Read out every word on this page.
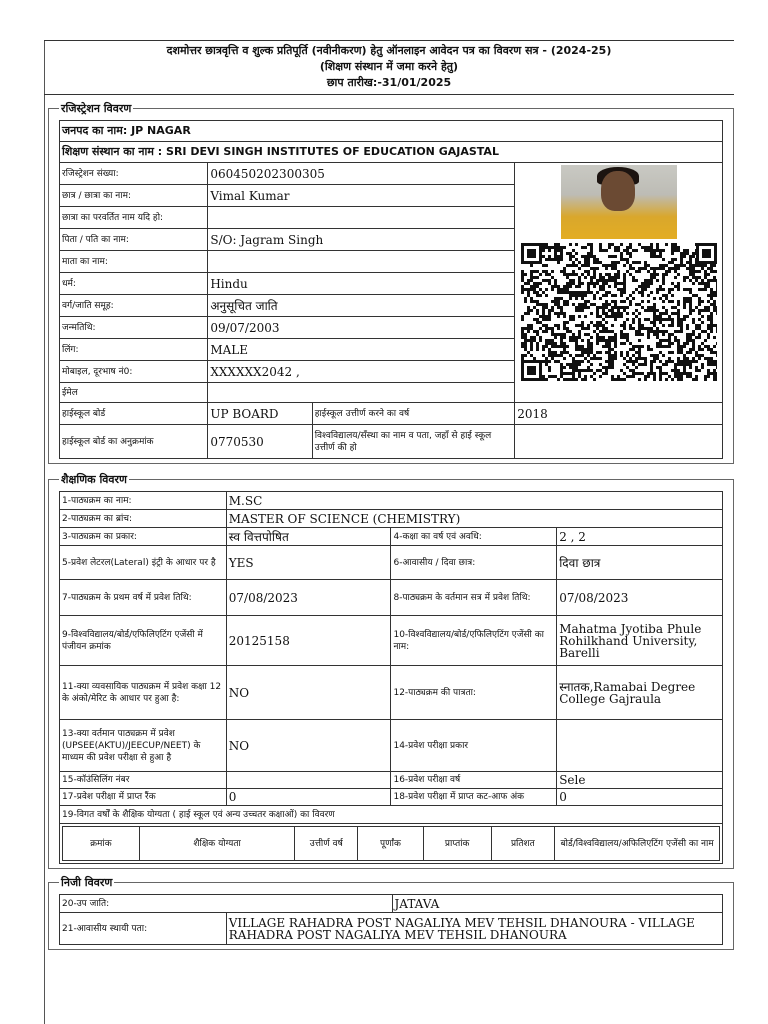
दशमोत्तर छात्रवृत्ति व शुल्क प्रतिपूर्ति (नवीनीकरण) हेतु ऑनलाइन आवेदन पत्र का विवरण सत्र - (2024-25)
(शिक्षण संस्थान में जमा करने हेतु)
छाप तारीख:-31/01/2025
रजिस्ट्रेशन विवरण
जनपद का नाम: JP NAGAR			
शिक्षण संस्थान का नाम : SRI DEVI SINGH INSTITUTES OF EDUCATION GAJASTAL			
रजिस्ट्रेशन संख्या:	060450202300305	

छात्र / छात्रा का नाम:	Vimal Kumar		
छात्रा का परवर्तित नाम यदि हो:			
पिता / पति का नाम:	S/O: Jagram Singh		
माता का नाम:			
धर्म:	Hindu		
वर्ग/जाति समूह:	अनुसूचित जाति		
जन्मतिथि:	09/07/2003		
लिंग:	MALE		
मोबाइल, दूरभाष नं0:	XXXXXX2042 ,		
ईमेल			
हाईस्कूल बोर्ड	UP BOARD	हाईस्कूल उत्तीर्ण करने का वर्ष	2018
हाईस्कूल बोर्ड का अनुक्रमांक	0770530	विश्वविद्यालय/सँस्था का नाम व पता, जहाँ से हाई स्कूल उत्तीर्ण की हो	
शैक्षणिक विवरण
1-पाठ्यक्रम का नाम:	M.SC
2-पाठ्यक्रम का ब्रांच:	MASTER OF SCIENCE (CHEMISTRY)
3-पाठ्यक्रम का प्रकार:	स्व वित्तपोषित	4-कक्षा का वर्ष एवं अवधि:	2 , 2
5-प्रवेश लेटरल(Lateral) इंट्री के आधार पर है	YES	6-आवासीय / दिवा छात्र:	दिवा छात्र
7-पाठ्यक्रम के प्रथम वर्ष में प्रवेश तिथि:	07/08/2023	8-पाठ्यक्रम के वर्तमान सत्र में प्रवेश तिथि:	07/08/2023
9-विश्वविद्यालय/बोर्ड/एफिलिएटिंग एजेंसी में पंजीयन क्रमांक	20125158	10-विश्वविद्यालय/बोर्ड/एफिलिएटिंग एजेंसी का नाम:	Mahatma Jyotiba Phule Rohilkhand University, Barelli
11-क्या व्यवसायिक पाठ्यक्रम में प्रवेश कक्षा 12 के अंको/मेरिट के आधार पर हुआ है:	NO	12-पाठ्यक्रम की पात्रता:	स्नातक,Ramabai Degree College Gajraula
13-क्या वर्तमान पाठ्यक्रम में प्रवेश (UPSEE(AKTU)/JEECUP/NEET) के माध्यम की प्रवेश परीक्षा से हुआ है	NO	14-प्रवेश परीक्षा प्रकार	
15-कॉउंसिलिंग नंबर		16-प्रवेश परीक्षा वर्ष	Sele
17-प्रवेश परीक्षा में प्राप्त रैंक	0	18-प्रवेश परीक्षा में प्राप्त कट-आफ अंक	0
19-विगत वर्षों के शैक्षिक योग्यता ( हाई स्कूल एवं अन्य उच्चतर कक्षाओं) का विवरण

क्रमांक	शैक्षिक योग्यता	उत्तीर्ण वर्ष	पूर्णांक	प्राप्तांक	प्रतिशत	बोर्ड/विश्वविद्यालय/अफिलिएटिंग एजेंसी का नाम
निजी विवरण
20-उप जाति:		JATAVA
21-आवासीय स्थायी पता:	VILLAGE RAHADRA POST NAGALIYA MEV TEHSIL DHANOURA - VILLAGE RAHADRA POST NAGALIYA MEV TEHSIL DHANOURA	
